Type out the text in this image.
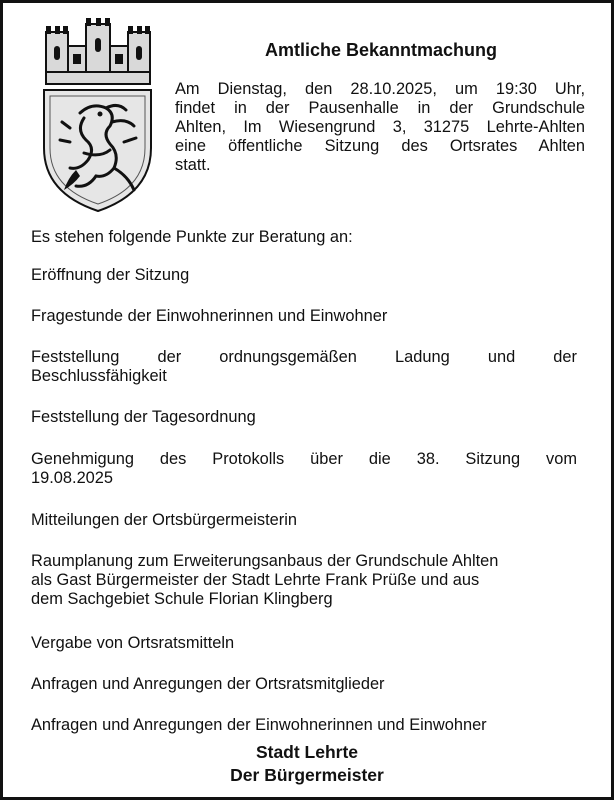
Amtliche Bekanntmachung
Am Dienstag, den 28.10.2025, um 19:30 Uhr,
findet in der Pausenhalle in der Grundschule
Ahlten, Im Wiesengrund 3, 31275 Lehrte-Ahlten
eine öffentliche Sitzung des Ortsrates Ahlten
statt.
Es stehen folgende Punkte zur Beratung an:
Eröffnung der Sitzung
Fragestunde der Einwohnerinnen und Einwohner
Feststellung der ordnungsgemäßen Ladung und der
Beschlussfähigkeit
Feststellung der Tagesordnung
Genehmigung des Protokolls über die 38. Sitzung vom
19.08.2025
Mitteilungen der Ortsbürgermeisterin
Raumplanung zum Erweiterungsanbaus der Grundschule Ahlten
als Gast Bürgermeister der Stadt Lehrte Frank Prüße und aus
dem Sachgebiet Schule Florian Klingberg
Vergabe von Ortsratsmitteln
Anfragen und Anregungen der Ortsratsmitglieder
Anfragen und Anregungen der Einwohnerinnen und Einwohner
Stadt Lehrte
Der Bürgermeister
